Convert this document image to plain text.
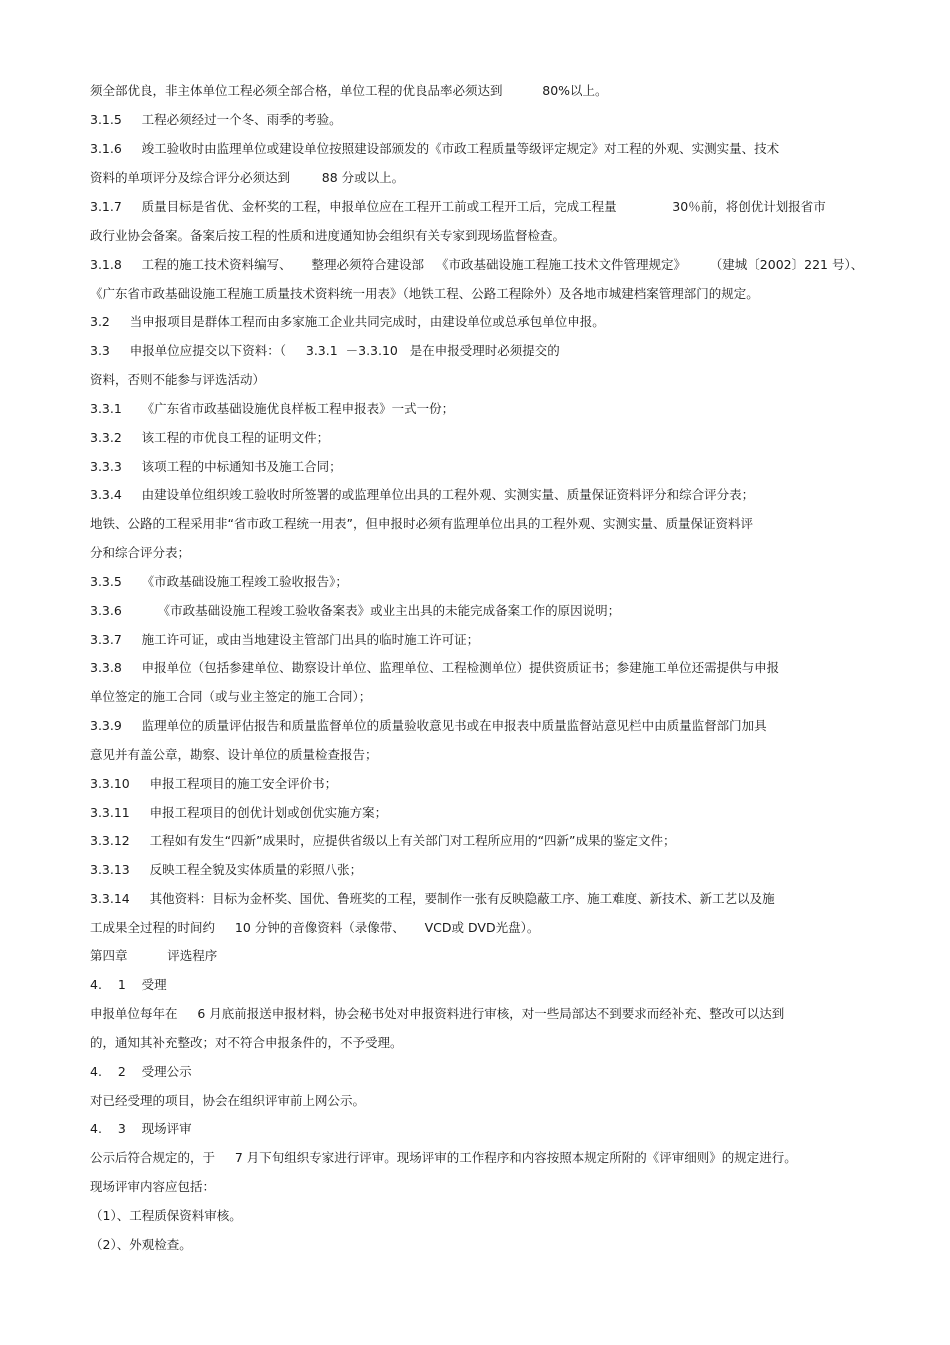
须全部优良，非主体单位工程必须全部合格，单位工程的优良品率必须达到          80%以上。
3.1.5     工程必须经过一个冬、雨季的考验。
3.1.6     竣工验收时由监理单位或建设单位按照建设部颁发的《市政工程质量等级评定规定》对工程的外观、实测实量、技术
资料的单项评分及综合评分必须达到        88 分或以上。
3.1.7     质量目标是省优、金杯奖的工程，申报单位应在工程开工前或工程开工后，完成工程量              30％前，将创优计划报省市
政行业协会备案。备案后按工程的性质和进度通知协会组织有关专家到现场监督检查。
3.1.8     工程的施工技术资料编写、     整理必须符合建设部   《市政基础设施工程施工技术文件管理规定》      （建城〔2002〕221 号）、
《广东省市政基础设施工程施工质量技术资料统一用表》（地铁工程、公路工程除外）及各地市城建档案管理部门的规定。
3.2     当申报项目是群体工程而由多家施工企业共同完成时，由建设单位或总承包单位申报。
3.3     申报单位应提交以下资料：（     3.3.1  －3.3.10   是在申报受理时必须提交的
资料，否则不能参与评选活动）
3.3.1     《广东省市政基础设施优良样板工程申报表》一式一份；
3.3.2     该工程的市优良工程的证明文件；
3.3.3     该项工程的中标通知书及施工合同；
3.3.4     由建设单位组织竣工验收时所签署的或监理单位出具的工程外观、实测实量、质量保证资料评分和综合评分表；
地铁、公路的工程采用非“省市政工程统一用表”，但申报时必须有监理单位出具的工程外观、实测实量、质量保证资料评
分和综合评分表；
3.3.5     《市政基础设施工程竣工验收报告》；
3.3.6         《市政基础设施工程竣工验收备案表》或业主出具的未能完成备案工作的原因说明；
3.3.7     施工许可证，或由当地建设主管部门出具的临时施工许可证；
3.3.8     申报单位（包括参建单位、勘察设计单位、监理单位、工程检测单位）提供资质证书；参建施工单位还需提供与申报
单位签定的施工合同（或与业主签定的施工合同）；
3.3.9     监理单位的质量评估报告和质量监督单位的质量验收意见书或在申报表中质量监督站意见栏中由质量监督部门加具
意见并有盖公章，勘察、设计单位的质量检查报告；
3.3.10     申报工程项目的施工安全评价书；
3.3.11     申报工程项目的创优计划或创优实施方案；
3.3.12     工程如有发生“四新”成果时，应提供省级以上有关部门对工程所应用的“四新”成果的鉴定文件；
3.3.13     反映工程全貌及实体质量的彩照八张；
3.3.14     其他资料：目标为金杯奖、国优、鲁班奖的工程，要制作一张有反映隐蔽工序、施工难度、新技术、新工艺以及施
工成果全过程的时间约     10 分钟的音像资料（录像带、     VCD或 DVD光盘）。
第四章          评选程序
4.    1    受理
申报单位每年在     6 月底前报送申报材料，协会秘书处对申报资料进行审核，对一些局部达不到要求而经补充、整改可以达到
的，通知其补充整改；对不符合申报条件的，不予受理。
4.    2    受理公示
对已经受理的项目，协会在组织评审前上网公示。
4.    3    现场评审
公示后符合规定的，于     7 月下旬组织专家进行评审。现场评审的工作程序和内容按照本规定所附的《评审细则》的规定进行。
现场评审内容应包括：
（1）、工程质保资料审核。
（2）、外观检查。
